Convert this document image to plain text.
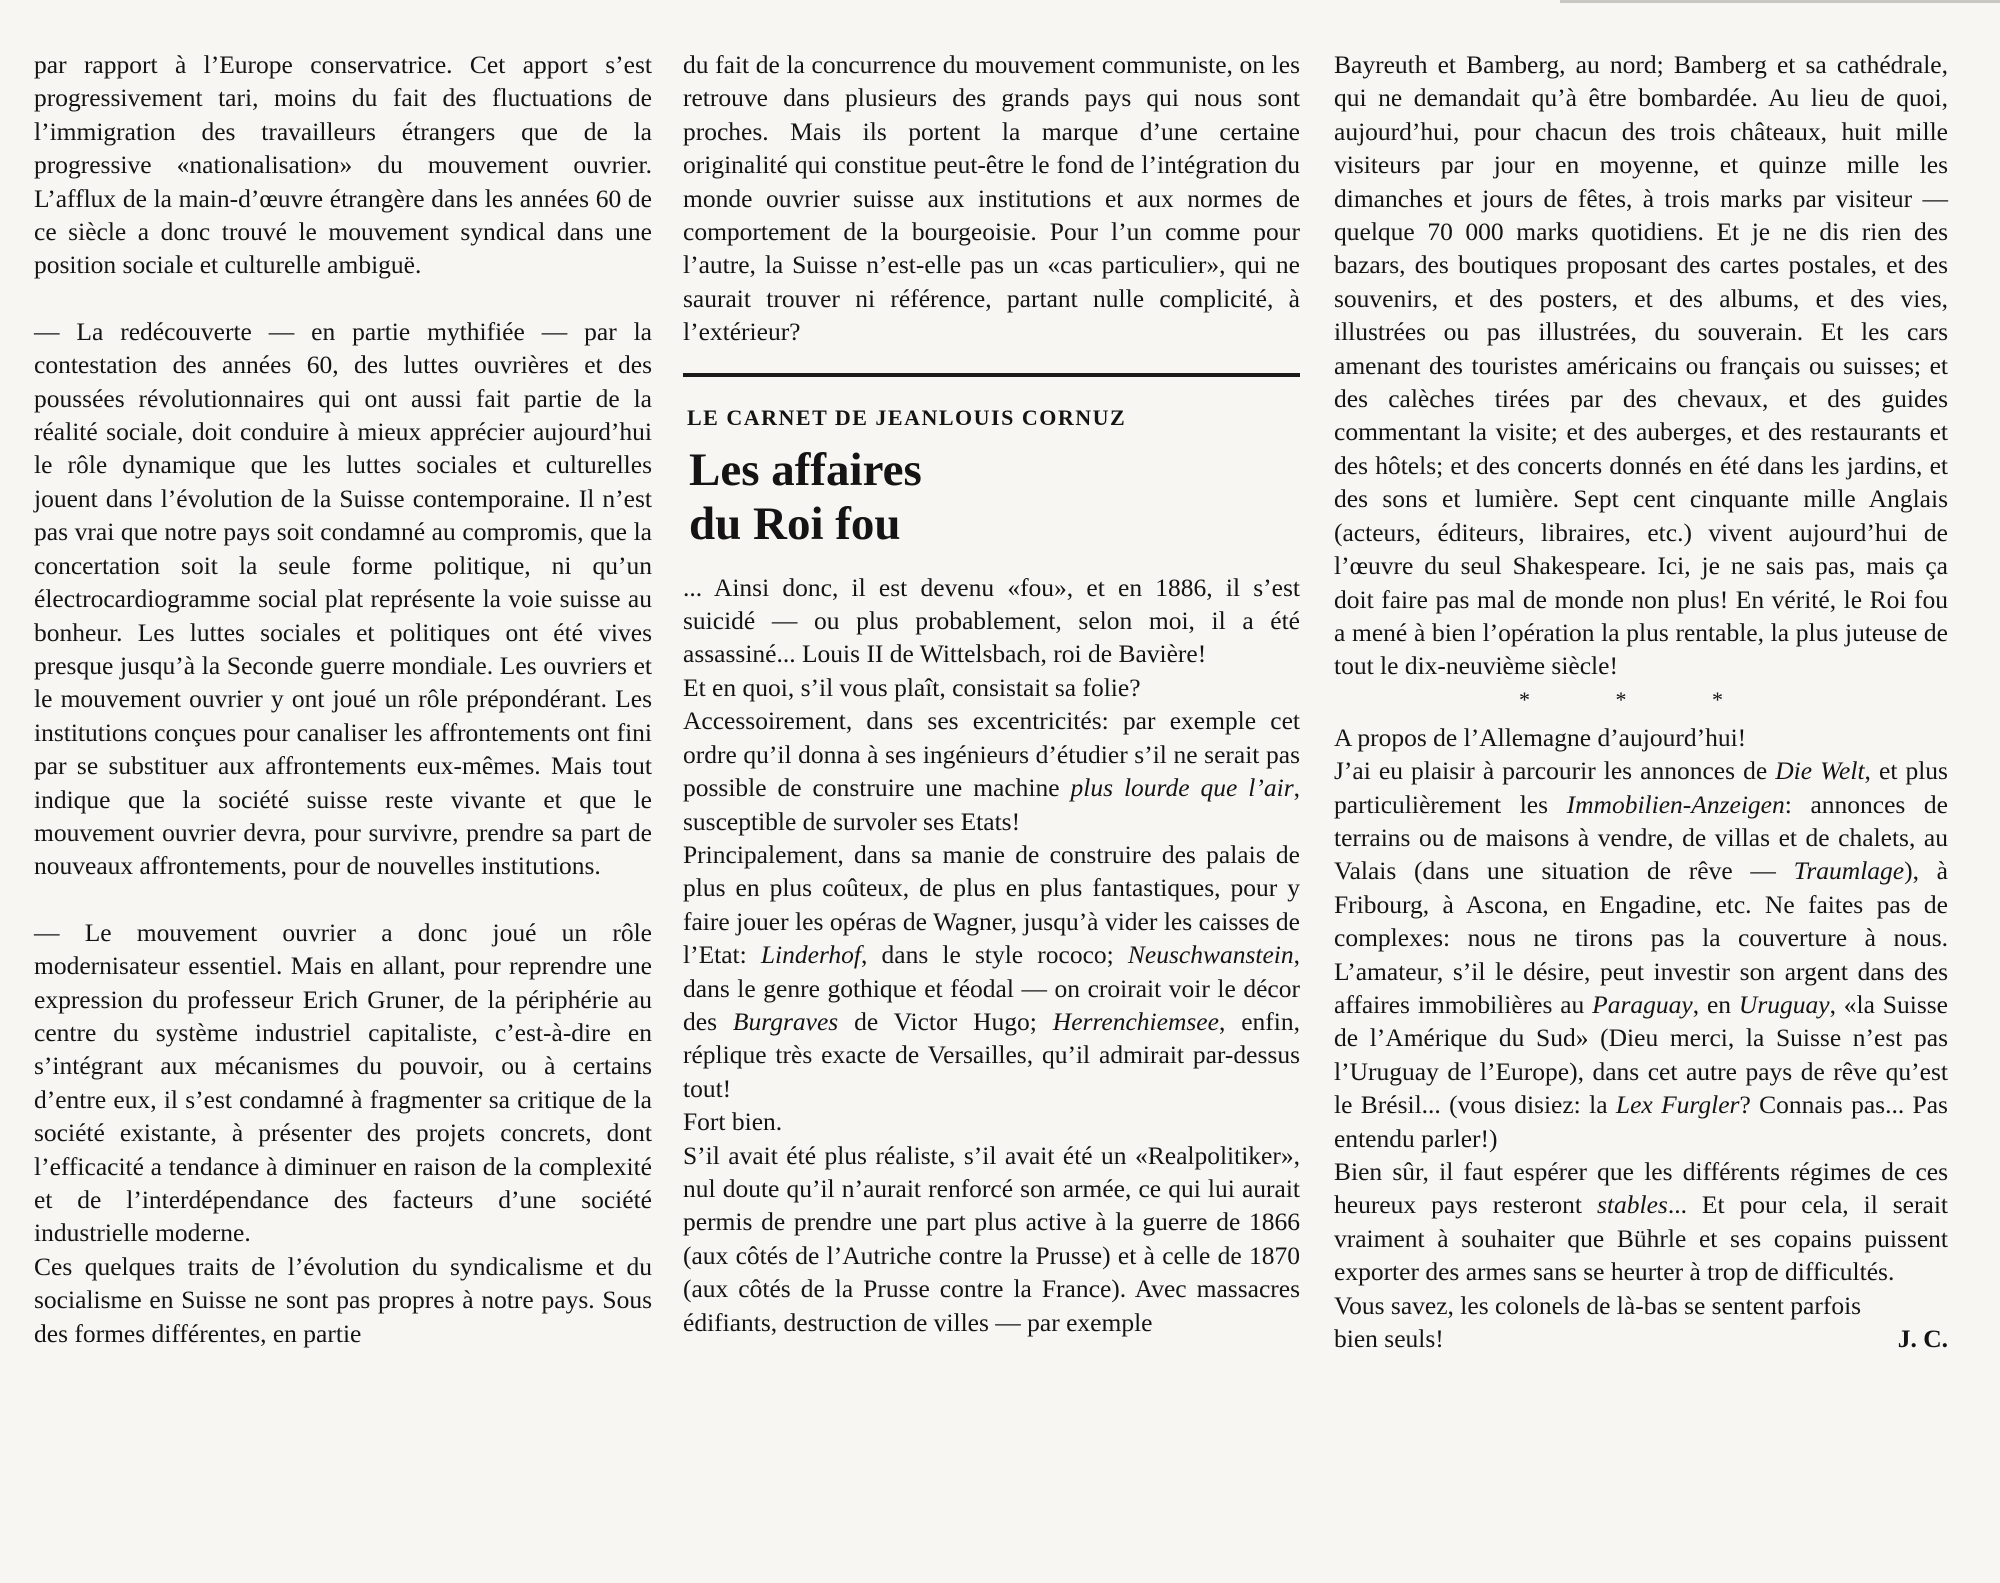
par rapport à l’Europe conservatrice. Cet apport s’est progressivement tari, moins du fait des fluctuations de l’immigration des travailleurs étrangers que de la progressive «nationalisation» du mouvement ouvrier. L’afflux de la main-d’œuvre étrangère dans les années 60 de ce siècle a donc trouvé le mouvement syndical dans une position sociale et culturelle ambiguë.

— La redécouverte — en partie mythifiée — par la contestation des années 60, des luttes ouvrières et des poussées révolutionnaires qui ont aussi fait partie de la réalité sociale, doit conduire à mieux apprécier aujourd’hui le rôle dynamique que les luttes sociales et culturelles jouent dans l’évolution de la Suisse contemporaine. Il n’est pas vrai que notre pays soit condamné au compromis, que la concertation soit la seule forme politique, ni qu’un électrocardiogramme social plat représente la voie suisse au bonheur. Les luttes sociales et politiques ont été vives presque jusqu’à la Seconde guerre mondiale. Les ouvriers et le mouvement ouvrier y ont joué un rôle prépondérant. Les institutions conçues pour canaliser les affrontements ont fini par se substituer aux affrontements eux-mêmes. Mais tout indique que la société suisse reste vivante et que le mouvement ouvrier devra, pour survivre, prendre sa part de nouveaux affrontements, pour de nouvelles institutions.

— Le mouvement ouvrier a donc joué un rôle modernisateur essentiel. Mais en allant, pour reprendre une expression du professeur Erich Gruner, de la périphérie au centre du système industriel capitaliste, c’est-à-dire en s’intégrant aux mécanismes du pouvoir, ou à certains d’entre eux, il s’est condamné à fragmenter sa critique de la société existante, à présenter des projets concrets, dont l’efficacité a tendance à diminuer en raison de la complexité et de l’interdépendance des facteurs d’une société industrielle moderne.

Ces quelques traits de l’évolution du syndicalisme et du socialisme en Suisse ne sont pas propres à notre pays. Sous des formes différentes, en partie

du fait de la concurrence du mouvement communiste, on les retrouve dans plusieurs des grands pays qui nous sont proches. Mais ils portent la marque d’une certaine originalité qui constitue peut-être le fond de l’intégration du monde ouvrier suisse aux institutions et aux normes de comportement de la bourgeoisie. Pour l’un comme pour l’autre, la Suisse n’est-elle pas un «cas particulier», qui ne saurait trouver ni référence, partant nulle complicité, à l’extérieur?

LE CARNET DE JEANLOUIS CORNUZ
Les affaires
du Roi fou

... Ainsi donc, il est devenu «fou», et en 1886, il s’est suicidé — ou plus probablement, selon moi, il a été assassiné... Louis II de Wittelsbach, roi de Bavière!

Et en quoi, s’il vous plaît, consistait sa folie?

Accessoirement, dans ses excentricités: par exemple cet ordre qu’il donna à ses ingénieurs d’étudier s’il ne serait pas possible de construire une machine plus lourde que l’air, susceptible de survoler ses Etats!

Principalement, dans sa manie de construire des palais de plus en plus coûteux, de plus en plus fantastiques, pour y faire jouer les opéras de Wagner, jusqu’à vider les caisses de l’Etat: Linderhof, dans le style rococo; Neuschwanstein, dans le genre gothique et féodal — on croirait voir le décor des Burgraves de Victor Hugo; Herrenchiemsee, enfin, réplique très exacte de Versailles, qu’il admirait par-dessus tout!

Fort bien.

S’il avait été plus réaliste, s’il avait été un «Realpolitiker», nul doute qu’il n’aurait renforcé son armée, ce qui lui aurait permis de prendre une part plus active à la guerre de 1866 (aux côtés de l’Autriche contre la Prusse) et à celle de 1870 (aux côtés de la Prusse contre la France). Avec massacres édifiants, destruction de villes — par exemple

Bayreuth et Bamberg, au nord; Bamberg et sa cathédrale, qui ne demandait qu’à être bombardée. Au lieu de quoi, aujourd’hui, pour chacun des trois châteaux, huit mille visiteurs par jour en moyenne, et quinze mille les dimanches et jours de fêtes, à trois marks par visiteur — quelque 70 000 marks quotidiens. Et je ne dis rien des bazars, des boutiques proposant des cartes postales, et des souvenirs, et des posters, et des albums, et des vies, illustrées ou pas illustrées, du souverain. Et les cars amenant des touristes américains ou français ou suisses; et des calèches tirées par des chevaux, et des guides commentant la visite; et des auberges, et des restaurants et des hôtels; et des concerts donnés en été dans les jardins, et des sons et lumière. Sept cent cinquante mille Anglais (acteurs, éditeurs, libraires, etc.) vivent aujourd’hui de l’œuvre du seul Shakespeare. Ici, je ne sais pas, mais ça doit faire pas mal de monde non plus! En vérité, le Roi fou a mené à bien l’opération la plus rentable, la plus juteuse de tout le dix-neuvième siècle!

* * *

A propos de l’Allemagne d’aujourd’hui!

J’ai eu plaisir à parcourir les annonces de Die Welt, et plus particulièrement les Immobilien-Anzeigen: annonces de terrains ou de maisons à vendre, de villas et de chalets, au Valais (dans une situation de rêve — Traumlage), à Fribourg, à Ascona, en Engadine, etc. Ne faites pas de complexes: nous ne tirons pas la couverture à nous. L’amateur, s’il le désire, peut investir son argent dans des affaires immobilières au Paraguay, en Uruguay, «la Suisse de l’Amérique du Sud» (Dieu merci, la Suisse n’est pas l’Uruguay de l’Europe), dans cet autre pays de rêve qu’est le Brésil... (vous disiez: la Lex Furgler? Connais pas... Pas entendu parler!)

Bien sûr, il faut espérer que les différents régimes de ces heureux pays resteront stables... Et pour cela, il serait vraiment à souhaiter que Bührle et ses copains puissent exporter des armes sans se heurter à trop de difficultés.

Vous savez, les colonels de là-bas se sentent parfois

bien seuls!	J. C.
